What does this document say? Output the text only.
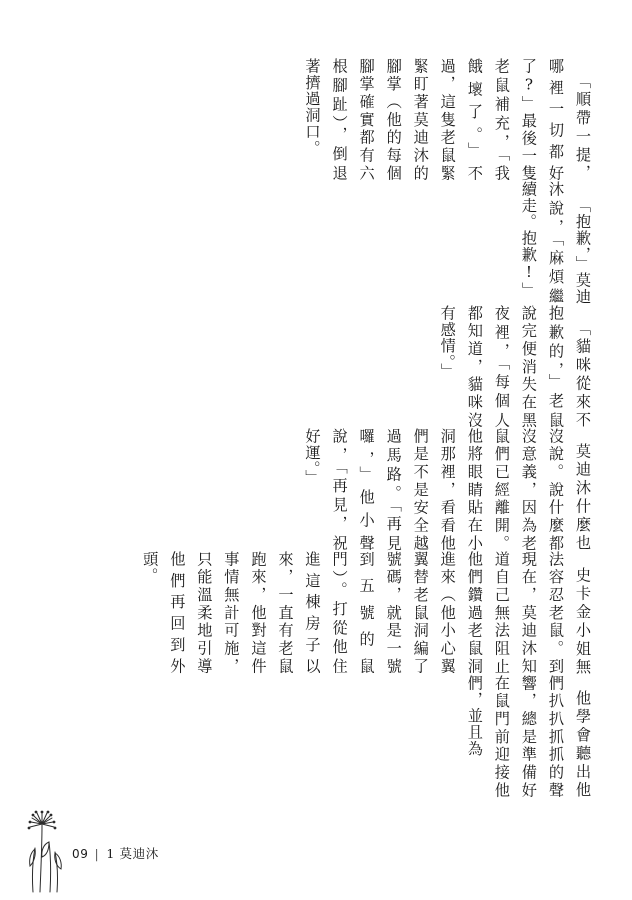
「順帶一提，哪裡一切都好了?」最後一隻老鼠補充，「我餓壞了。」不過，這隻老鼠緊緊盯著莫迪沐的腳掌（他的每個腳掌確實都有六根腳趾），倒退著擠過洞口。

「抱歉，」莫迪沐說，「麻煩繼續走。抱歉!」

「貓咪從來不抱歉的，」老鼠說完便消失在黑夜裡，「每個人都知道，貓咪沒有感情。」

莫迪沐什麼也沒說。說什麼都沒意義，因為老鼠們已經離開。他將眼睛貼在小洞那裡，看看他們是不是安全越過馬路。「再見囉，」他小聲說，「再見，祝好運。」

史卡金小姐無法容忍老鼠。到現在，莫迪沐知道自己無法阻止他們鑽過老鼠洞進來（他小心翼翼替老鼠洞編了號碼，就是一號到五號的鼠門）。打從他住進這棟房子以來，一直有老鼠跑來，他對這件事情無計可施，只能溫柔地引導他們再回到外頭。

他學會聽出他們扒扒抓抓的聲響，總是準備好在鼠門前迎接他們，並且為

09 | 1 莫迪沐
